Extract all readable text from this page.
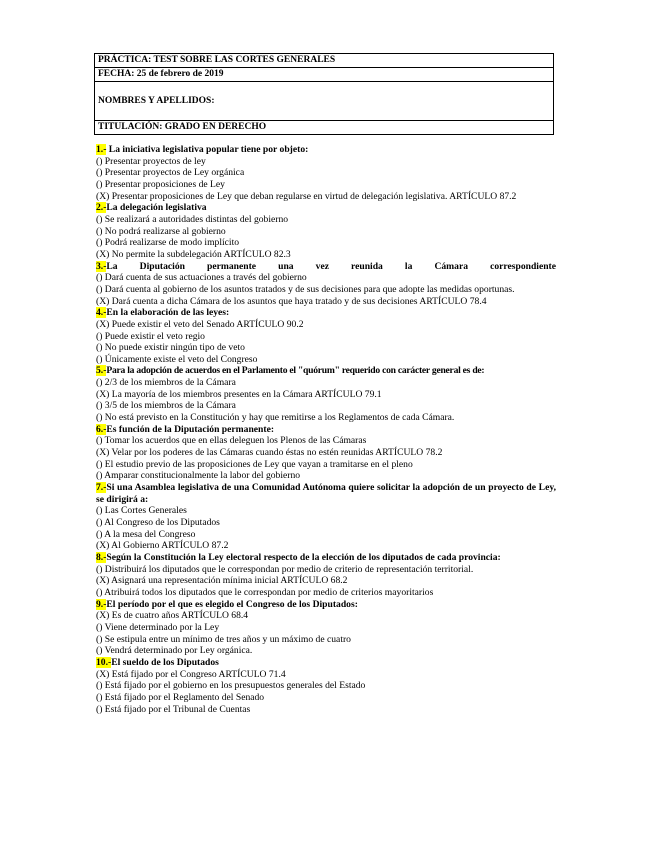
PRÁCTICA: TEST SOBRE LAS CORTES GENERALES
FECHA: 25 de febrero de 2019
NOMBRES Y APELLIDOS:
TITULACIÓN: GRADO EN DERECHO
1.- La iniciativa legislativa popular tiene por objeto:
() Presentar proyectos de ley
() Presentar proyectos de Ley orgánica
() Presentar proposiciones de Ley
(X) Presentar proposiciones de Ley que deban regularse en virtud de delegación legislativa. ARTÍCULO 87.2
2.-La delegación legislativa
() Se realizará a autoridades distintas del gobierno
() No podrá realizarse al gobierno
() Podrá realizarse de modo implícito
(X) No permite la subdelegación ARTÍCULO 82.3
3.-La Diputación permanente una vez reunida la Cámara correspondiente
() Dará cuenta de sus actuaciones a través del gobierno
() Dará cuenta al gobierno de los asuntos tratados y de sus decisiones para que adopte las medidas oportunas.
(X) Dará cuenta a dicha Cámara de los asuntos que haya tratado y de sus decisiones ARTÍCULO 78.4
4.-En la elaboración de las leyes:
(X) Puede existir el veto del Senado ARTÍCULO 90.2
() Puede existir el veto regio
() No puede existir ningún tipo de veto
() Únicamente existe el veto del Congreso
5.-Para la adopción de acuerdos en el Parlamento el "quórum" requerido con carácter general es de:
() 2/3 de los miembros de la Cámara
(X) La mayoría de los miembros presentes en la Cámara ARTÍCULO 79.1
() 3/5 de los miembros de la Cámara
() No está previsto en la Constitución y hay que remitirse a los Reglamentos de cada Cámara.
6.-Es función de la Diputación permanente:
() Tomar los acuerdos que en ellas deleguen los Plenos de las Cámaras
(X) Velar por los poderes de las Cámaras cuando éstas no estén reunidas ARTÍCULO 78.2
() El estudio previo de las proposiciones de Ley que vayan a tramitarse en el pleno
() Amparar constitucionalmente la labor del gobierno
7.-Si una Asamblea legislativa de una Comunidad Autónoma quiere solicitar la adopción de un proyecto de Ley, se dirigirá a:
() Las Cortes Generales
() Al Congreso de los Diputados
() A la mesa del Congreso
(X) Al Gobierno ARTÍCULO 87.2
8.-Según la Constitución la Ley electoral respecto de la elección de los diputados de cada provincia:
() Distribuirá los diputados que le correspondan por medio de criterio de representación territorial.
(X) Asignará una representación mínima inicial ARTÍCULO 68.2
() Atribuirá todos los diputados que le correspondan por medio de criterios mayoritarios
9.-El período por el que es elegido el Congreso de los Diputados:
(X) Es de cuatro años ARTÍCULO 68.4
() Viene determinado por la Ley
() Se estipula entre un mínimo de tres años y un máximo de cuatro
() Vendrá determinado por Ley orgánica.
10.-El sueldo de los Diputados
(X) Está fijado por el Congreso ARTÍCULO 71.4
() Está fijado por el gobierno en los presupuestos generales del Estado
() Está fijado por el Reglamento del Senado
() Está fijado por el Tribunal de Cuentas
